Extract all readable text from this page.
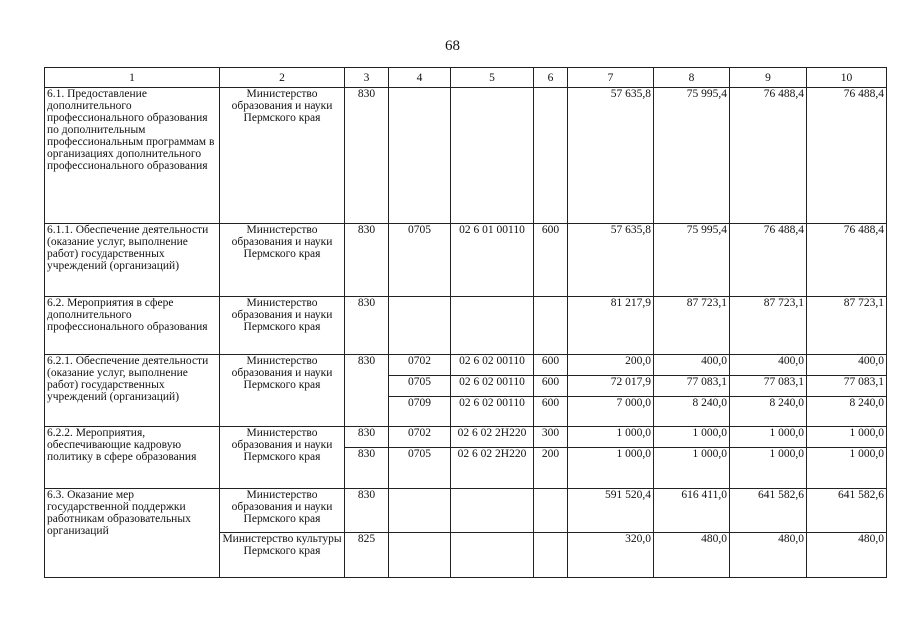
68
1	2	3	4	5	6	7	8	9	10
6.1. Предоставление дополнительного профессионального образования по дополнительным профессиональным программам в организациях дополнительного профессионального образования	Министерство образования и науки Пермского края	830				57 635,8	75 995,4	76 488,4	76 488,4
6.1.1. Обеспечение деятельности (оказание услуг, выполнение работ) государственных учреждений (организаций)	Министерство образования и науки Пермского края	830	0705	02 6 01 00110	600	57 635,8	75 995,4	76 488,4	76 488,4
6.2. Мероприятия в сфере дополнительного профессионального образования	Министерство образования и науки Пермского края	830				81 217,9	87 723,1	87 723,1	87 723,1
6.2.1. Обеспечение деятельности (оказание услуг, выполнение работ) государственных учреждений (организаций)	Министерство образования и науки Пермского края	830	0702	02 6 02 00110	600	200,0	400,0	400,0	400,0
			0705	02 6 02 00110	600	72 017,9	77 083,1	77 083,1	77 083,1
			0709	02 6 02 00110	600	7 000,0	8 240,0	8 240,0	8 240,0
6.2.2. Мероприятия, обеспечивающие кадровую политику в сфере образования	Министерство образования и науки Пермского края	830	0702	02 6 02 2Н220	300	1 000,0	1 000,0	1 000,0	1 000,0
		830	0705	02 6 02 2Н220	200	1 000,0	1 000,0	1 000,0	1 000,0
6.3. Оказание мер государственной поддержки работникам образовательных организаций	Министерство образования и науки Пермского края	830				591 520,4	616 411,0	641 582,6	641 582,6
	Министерство культуры Пермского края	825				320,0	480,0	480,0	480,0
